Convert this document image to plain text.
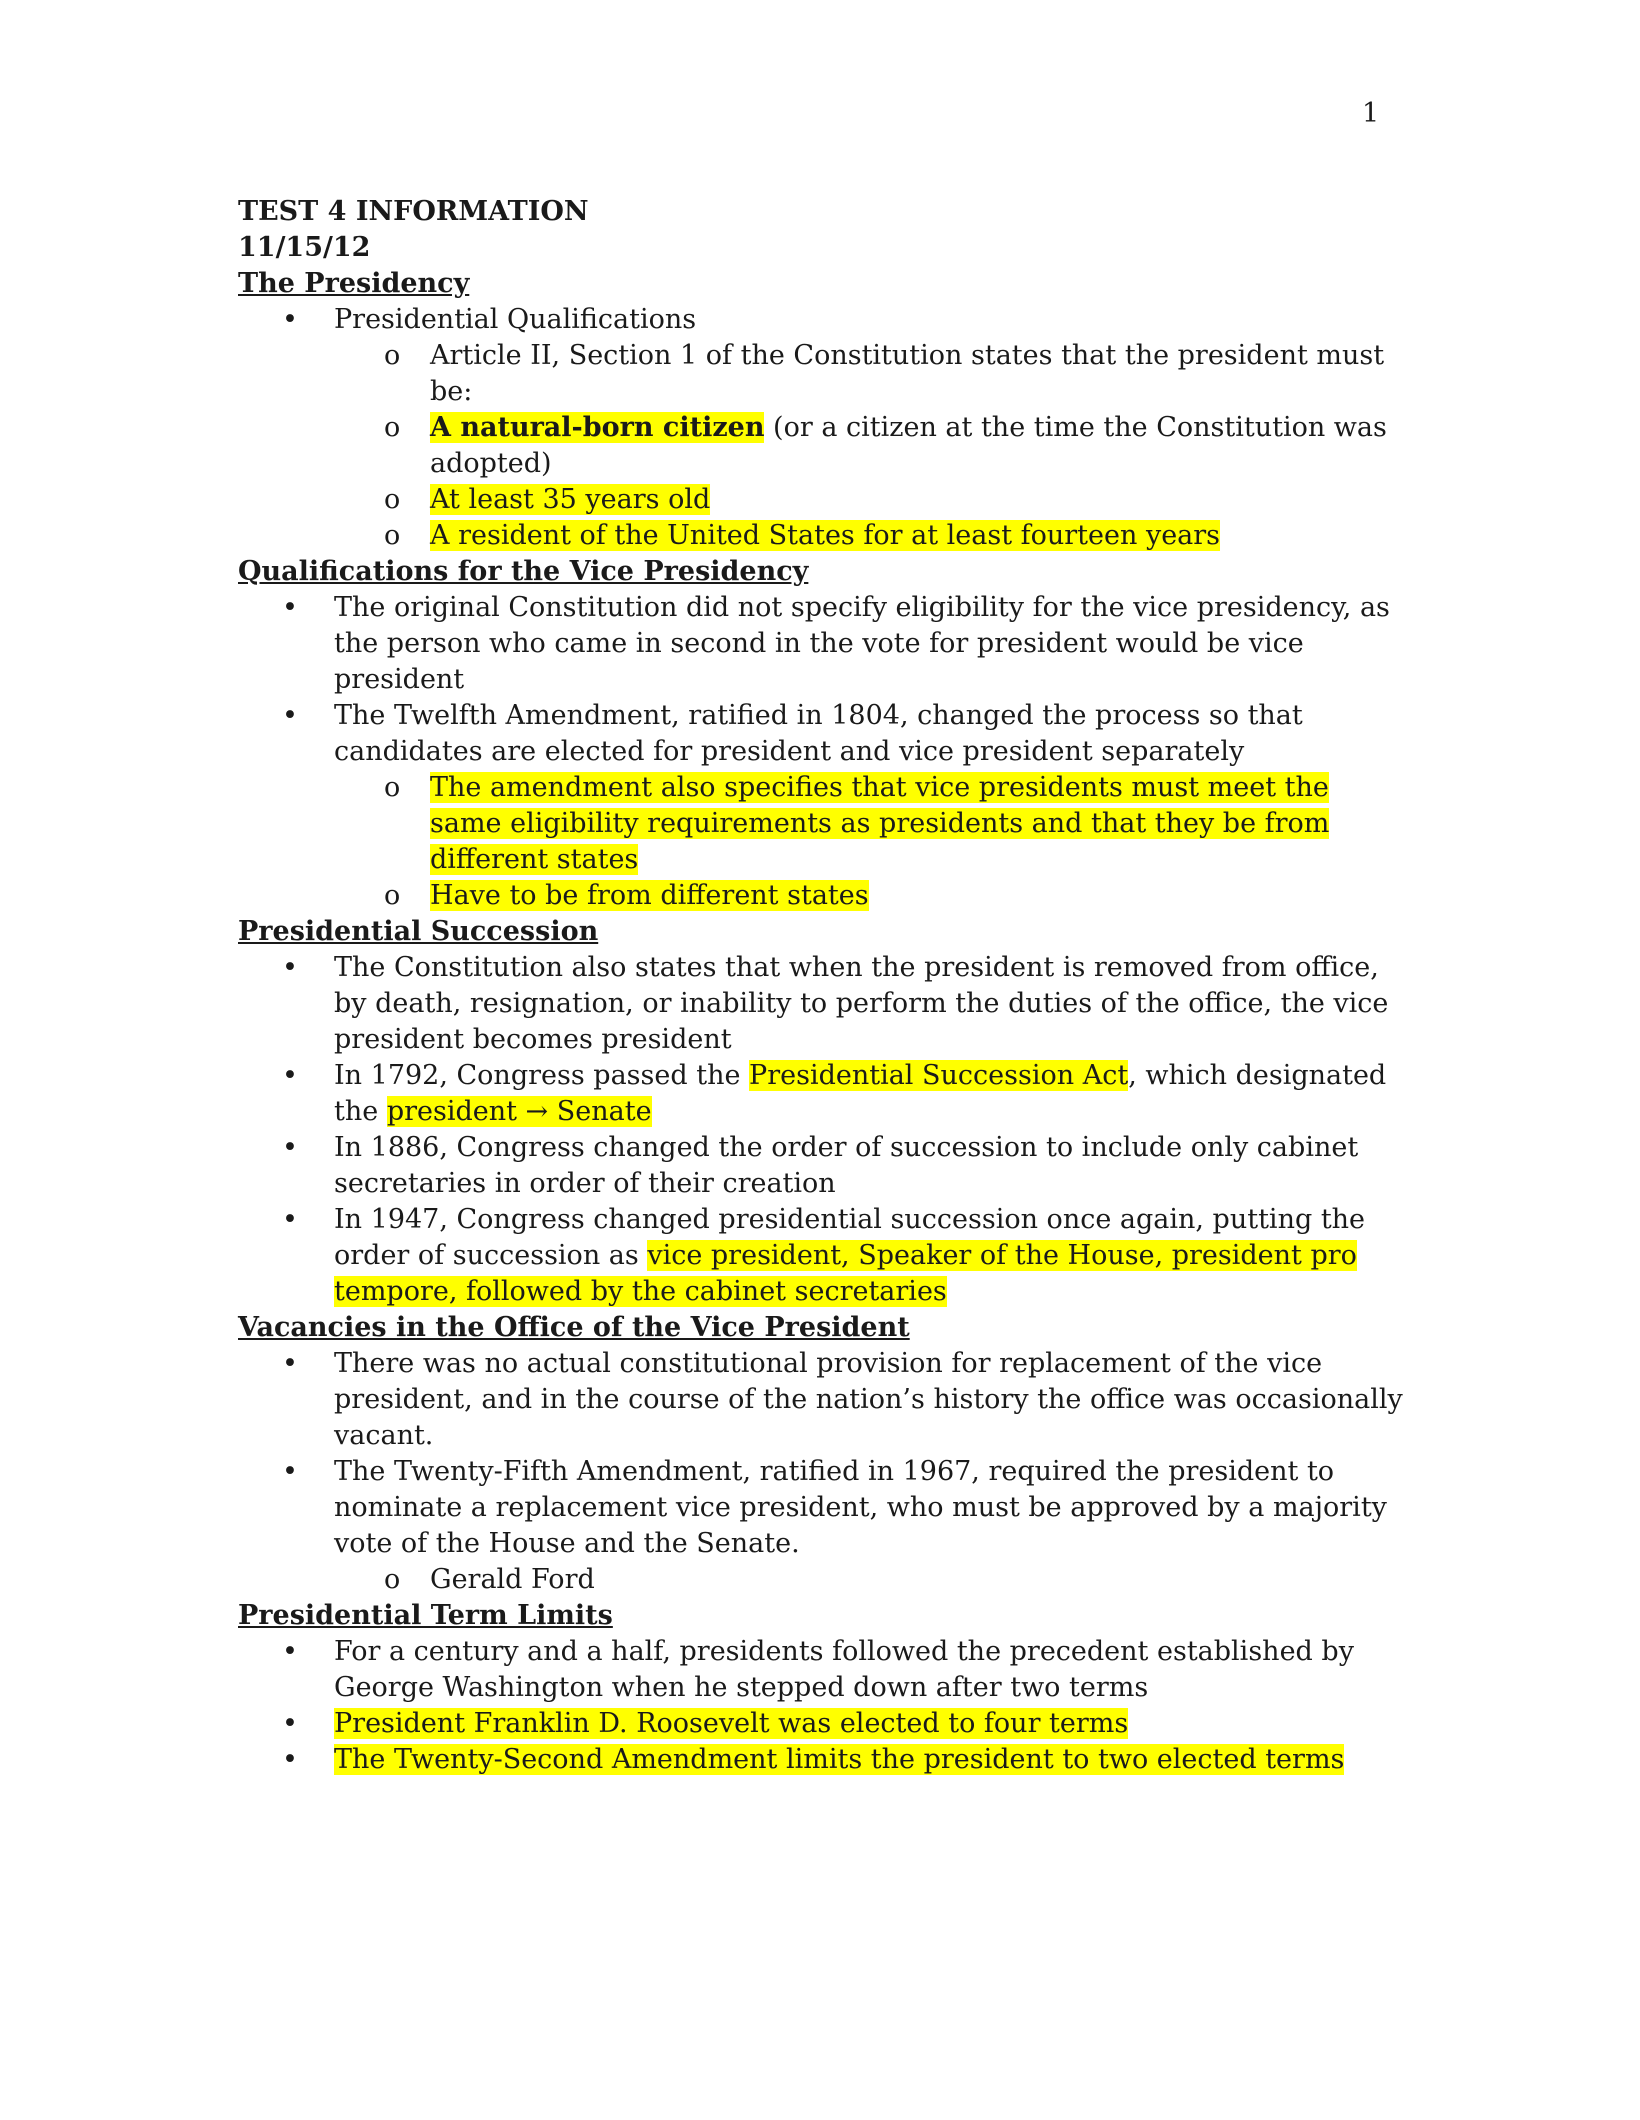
1
TEST 4 INFORMATION
11/15/12
The Presidency
• Presidential Qualifications
o Article II, Section 1 of the Constitution states that the president must be:
o A natural-born citizen (or a citizen at the time the Constitution was adopted)
o At least 35 years old
o A resident of the United States for at least fourteen years
Qualifications for the Vice Presidency
• The original Constitution did not specify eligibility for the vice presidency, as the person who came in second in the vote for president would be vice president
• The Twelfth Amendment, ratified in 1804, changed the process so that candidates are elected for president and vice president separately
o The amendment also specifies that vice presidents must meet the same eligibility requirements as presidents and that they be from different states
o Have to be from different states
Presidential Succession
• The Constitution also states that when the president is removed from office, by death, resignation, or inability to perform the duties of the office, the vice president becomes president
• In 1792, Congress passed the Presidential Succession Act, which designated the president → Senate
• In 1886, Congress changed the order of succession to include only cabinet secretaries in order of their creation
• In 1947, Congress changed presidential succession once again, putting the order of succession as vice president, Speaker of the House, president pro tempore, followed by the cabinet secretaries
Vacancies in the Office of the Vice President
• There was no actual constitutional provision for replacement of the vice president, and in the course of the nation’s history the office was occasionally vacant.
• The Twenty-Fifth Amendment, ratified in 1967, required the president to nominate a replacement vice president, who must be approved by a majority vote of the House and the Senate.
o Gerald Ford
Presidential Term Limits
• For a century and a half, presidents followed the precedent established by George Washington when he stepped down after two terms
• President Franklin D. Roosevelt was elected to four terms
• The Twenty-Second Amendment limits the president to two elected terms
